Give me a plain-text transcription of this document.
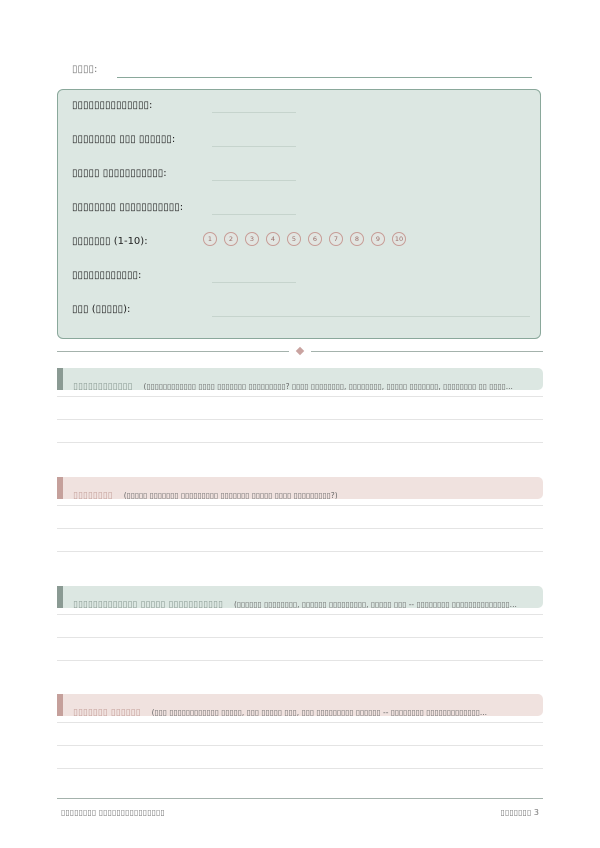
▯▯▯▯:
▯▯▯▯▯▯▯▯▯▯▯▯▯▯:
▯▯▯▯▯▯▯▯ ▯▯▯ ▯▯▯▯▯▯:
▯▯▯▯▯ ▯▯▯▯▯▯▯▯▯▯▯:
▯▯▯▯▯▯▯▯ ▯▯▯▯▯▯▯▯▯▯▯:
▯▯▯▯▯▯▯ (1-10):	1	2	3	4	5	6	7	8	9	10
▯▯▯▯▯▯▯▯▯▯▯▯:
▯▯▯ (▯▯▯▯▯):
▯▯▯▯▯▯▯▯▯▯▯▯ (▯▯▯▯▯▯▯▯▯▯▯▯ ▯▯▯▯ ▯▯▯▯▯▯▯ ▯▯▯▯▯▯▯▯▯? ▯▯▯▯ ▯▯▯▯▯▯▯▯, ▯▯▯▯▯▯▯▯, ▯▯▯▯▯ ▯▯▯▯▯▯▯, ▯▯▯▯▯▯▯▯ ▯▯ ▯▯▯▯...
▯▯▯▯▯▯▯▯ (▯▯▯▯▯ ▯▯▯▯▯▯▯ ▯▯▯▯▯▯▯▯▯ ▯▯▯▯▯▯▯ ▯▯▯▯▯ ▯▯▯▯ ▯▯▯▯▯▯▯▯▯?)
▯▯▯▯▯▯▯▯▯▯▯▯▯ ▯▯▯▯▯ ▯▯▯▯▯▯▯▯▯▯▯ (▯▯▯▯▯▯ ▯▯▯▯▯▯▯▯, ▯▯▯▯▯▯ ▯▯▯▯▯▯▯▯▯, ▯▯▯▯▯ ▯▯▯ -- ▯▯▯▯▯▯▯▯ ▯▯▯▯▯▯▯▯▯▯▯▯▯▯...
▯▯▯▯▯▯▯ ▯▯▯▯▯▯ (▯▯▯ ▯▯▯▯▯▯▯▯▯▯▯▯ ▯▯▯▯▯, ▯▯▯ ▯▯▯▯▯ ▯▯▯, ▯▯▯ ▯▯▯▯▯▯▯▯▯ ▯▯▯▯▯▯ -- ▯▯▯▯▯▯▯▯ ▯▯▯▯▯▯▯▯▯▯▯▯▯...
▯▯▯▯▯▯▯▯ ▯▯▯▯▯▯▯▯▯▯▯▯▯▯▯	▯▯▯▯▯▯▯ 3
